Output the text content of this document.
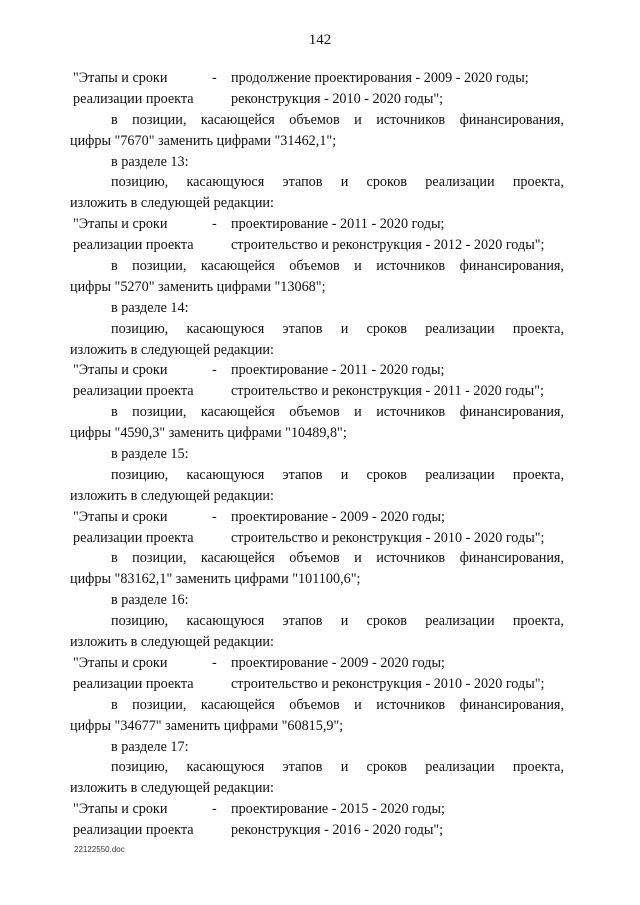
142
"Этапы и сроки	- продолжение проектирования - 2009 - 2020 годы;
реализации проекта	реконструкция - 2010 - 2020 годы";
в позиции, касающейся объемов и источников финансирования,
цифры "7670" заменить цифрами "31462,1";
в разделе 13:
позицию, касающуюся этапов и сроков реализации проекта,
изложить в следующей редакции:
"Этапы и сроки	- проектирование - 2011 - 2020 годы;
реализации проекта	строительство и реконструкция - 2012 - 2020 годы";
в позиции, касающейся объемов и источников финансирования,
цифры "5270" заменить цифрами "13068";
в разделе 14:
позицию, касающуюся этапов и сроков реализации проекта,
изложить в следующей редакции:
"Этапы и сроки	- проектирование - 2011 - 2020 годы;
реализации проекта	строительство и реконструкция - 2011 - 2020 годы";
в позиции, касающейся объемов и источников финансирования,
цифры "4590,3" заменить цифрами "10489,8";
в разделе 15:
позицию, касающуюся этапов и сроков реализации проекта,
изложить в следующей редакции:
"Этапы и сроки	- проектирование - 2009 - 2020 годы;
реализации проекта	строительство и реконструкция - 2010 - 2020 годы";
в позиции, касающейся объемов и источников финансирования,
цифры "83162,1" заменить цифрами "101100,6";
в разделе 16:
позицию, касающуюся этапов и сроков реализации проекта,
изложить в следующей редакции:
"Этапы и сроки	- проектирование - 2009 - 2020 годы;
реализации проекта	строительство и реконструкция - 2010 - 2020 годы";
в позиции, касающейся объемов и источников финансирования,
цифры "34677" заменить цифрами "60815,9";
в разделе 17:
позицию, касающуюся этапов и сроков реализации проекта,
изложить в следующей редакции:
"Этапы и сроки	- проектирование - 2015 - 2020 годы;
реализации проекта	реконструкция - 2016 - 2020 годы";
22122550.doc
